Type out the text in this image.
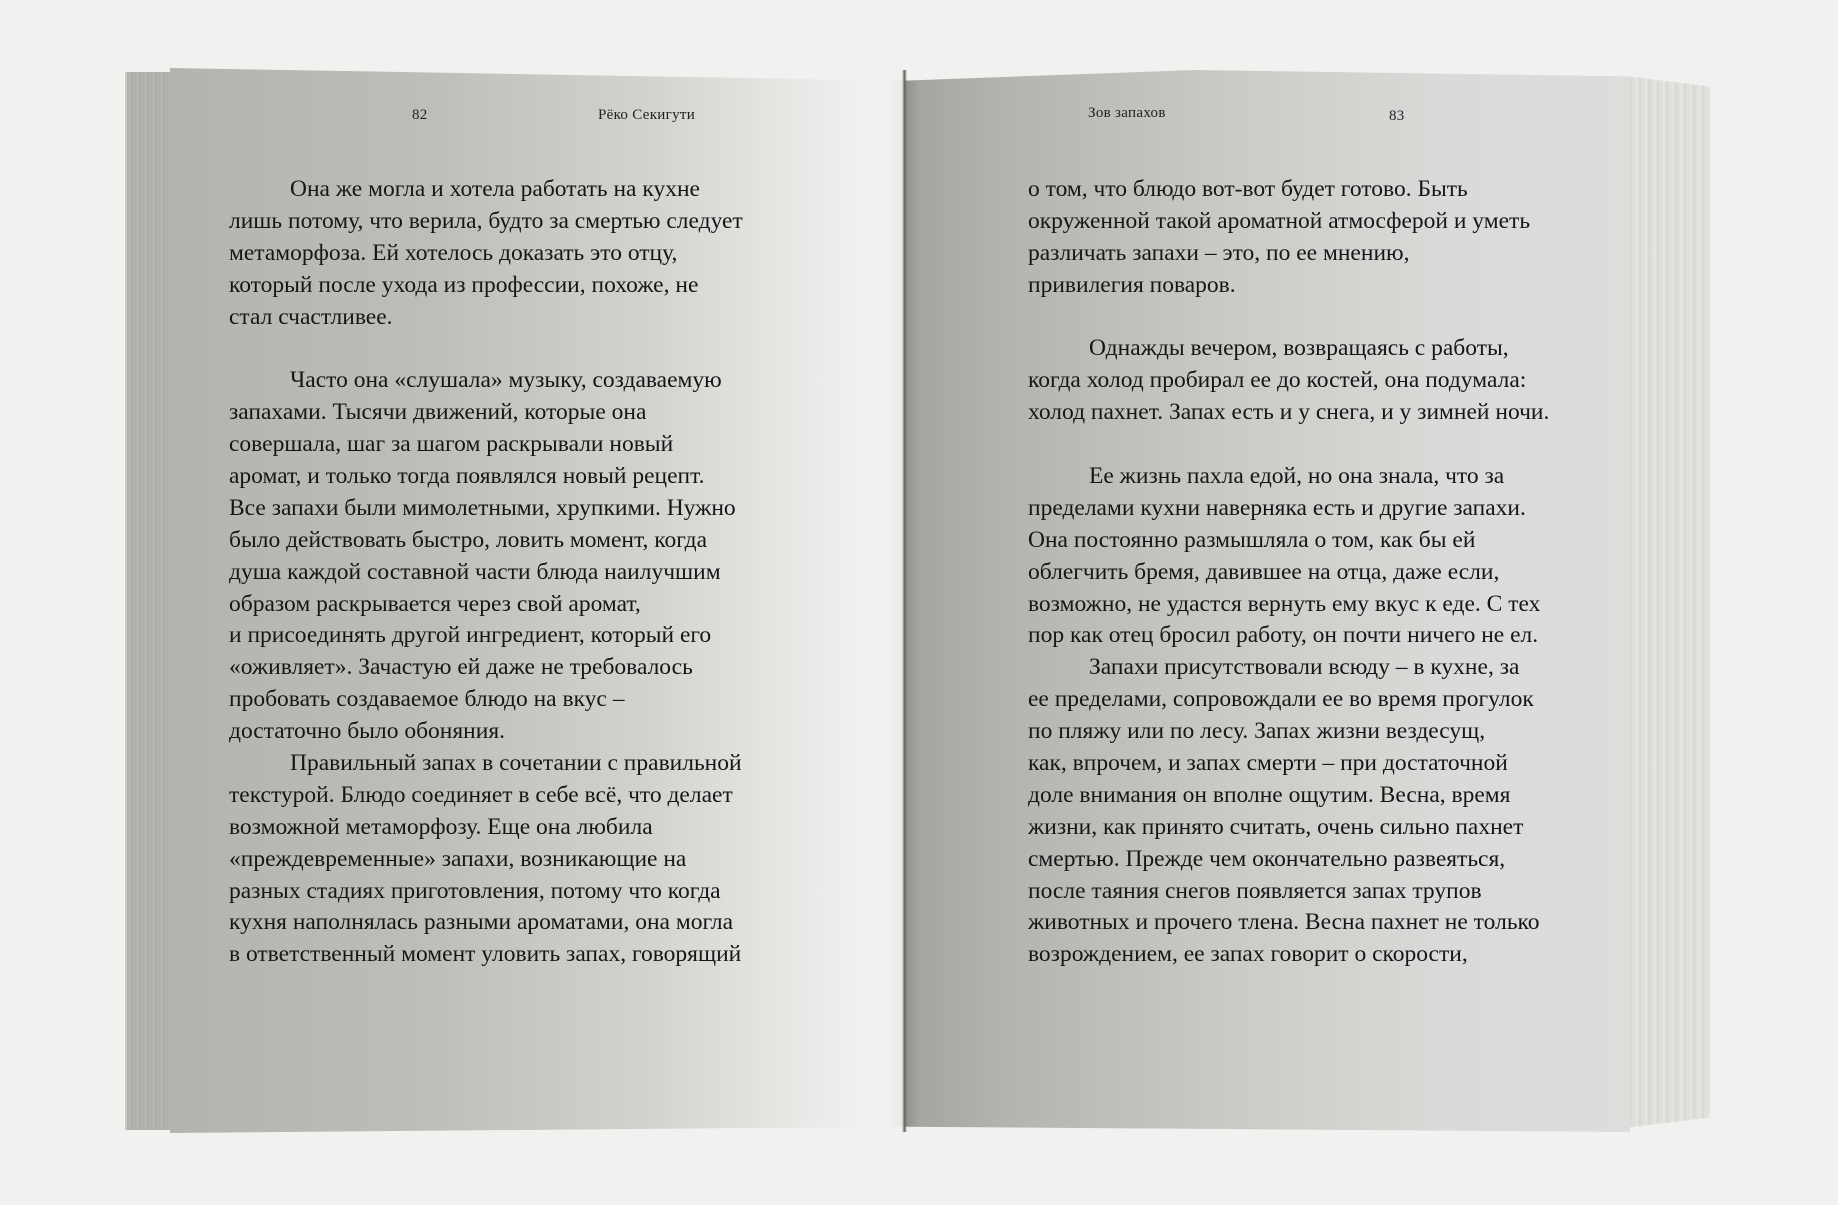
82	Рёко Секигути	Зов запахов	83
Она же могла и хотела работать на кухне
лишь потому, что верила, будто за смертью следует
метаморфоза. Ей хотелось доказать это отцу,
который после ухода из профессии, похоже, не
стал счастливее.
Часто она «слушала» музыку, создаваемую
запахами. Тысячи движений, которые она
совершала, шаг за шагом раскрывали новый
аромат, и только тогда появлялся новый рецепт.
Все запахи были мимолетными, хрупкими. Нужно
было действовать быстро, ловить момент, когда
душа каждой составной части блюда наилучшим
образом раскрывается через свой аромат,
и присоединять другой ингредиент, который его
«оживляет». Зачастую ей даже не требовалось
пробовать создаваемое блюдо на вкус –
достаточно было обоняния.
Правильный запах в сочетании с правильной
текстурой. Блюдо соединяет в себе всё, что делает
возможной метаморфозу. Еще она любила
«преждевременные» запахи, возникающие на
разных стадиях приготовления, потому что когда
кухня наполнялась разными ароматами, она могла
в ответственный момент уловить запах, говорящий
о том, что блюдо вот-вот будет готово. Быть
окруженной такой ароматной атмосферой и уметь
различать запахи – это, по ее мнению,
привилегия поваров.
Однажды вечером, возвращаясь с работы,
когда холод пробирал ее до костей, она подумала:
холод пахнет. Запах есть и у снега, и у зимней ночи.
Ее жизнь пахла едой, но она знала, что за
пределами кухни наверняка есть и другие запахи.
Она постоянно размышляла о том, как бы ей
облегчить бремя, давившее на отца, даже если,
возможно, не удастся вернуть ему вкус к еде. С тех
пор как отец бросил работу, он почти ничего не ел.
Запахи присутствовали всюду – в кухне, за
ее пределами, сопровождали ее во время прогулок
по пляжу или по лесу. Запах жизни вездесущ,
как, впрочем, и запах смерти – при достаточной
доле внимания он вполне ощутим. Весна, время
жизни, как принято считать, очень сильно пахнет
смертью. Прежде чем окончательно развеяться,
после таяния снегов появляется запах трупов
животных и прочего тлена. Весна пахнет не только
возрождением, ее запах говорит о скорости,
